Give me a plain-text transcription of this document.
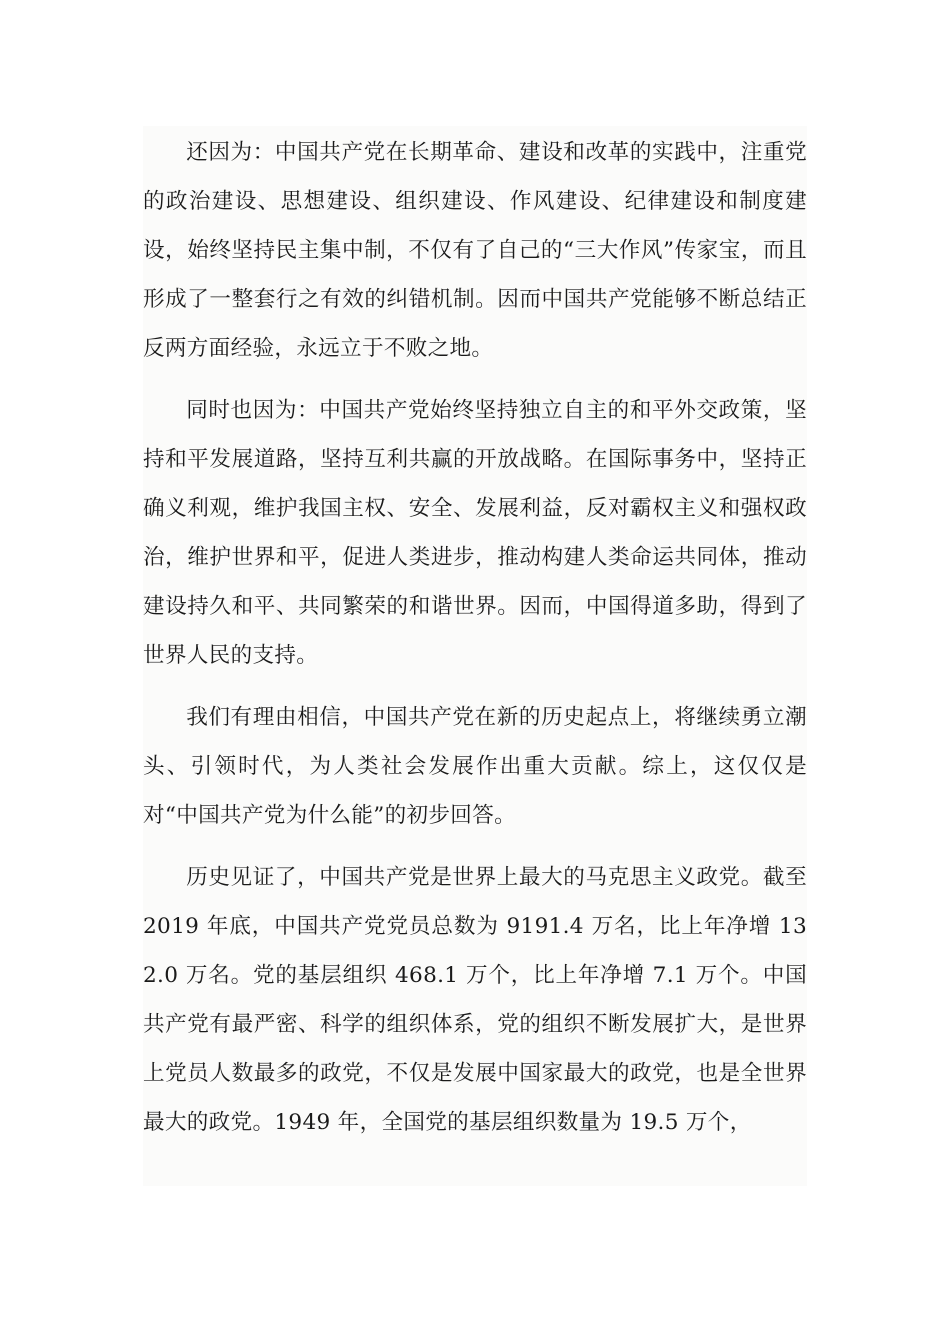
还因为：中国共产党在长期革命、建设和改革的实践中，注重党的政治建设、思想建设、组织建设、作风建设、纪律建设和制度建设，始终坚持民主集中制，不仅有了自己的“三大作风”传家宝，而且形成了一整套行之有效的纠错机制。因而中国共产党能够不断总结正反两方面经验，永远立于不败之地。

同时也因为：中国共产党始终坚持独立自主的和平外交政策，坚持和平发展道路，坚持互利共赢的开放战略。在国际事务中，坚持正确义利观，维护我国主权、安全、发展利益，反对霸权主义和强权政治，维护世界和平，促进人类进步，推动构建人类命运共同体，推动建设持久和平、共同繁荣的和谐世界。因而，中国得道多助，得到了世界人民的支持。

我们有理由相信，中国共产党在新的历史起点上，将继续勇立潮头、引领时代，为人类社会发展作出重大贡献。综上，这仅仅是对“中国共产党为什么能”的初步回答。

历史见证了，中国共产党是世界上最大的马克思主义政党。截至 2019 年底，中国共产党党员总数为 9191.4 万名，比上年净增 132.0 万名。党的基层组织 468.1 万个，比上年净增 7.1 万个。中国共产党有最严密、科学的组织体系，党的组织不断发展扩大，是世界上党员人数最多的政党，不仅是发展中国家最大的政党，也是全世界最大的政党。1949 年，全国党的基层组织数量为 19.5 万个，
